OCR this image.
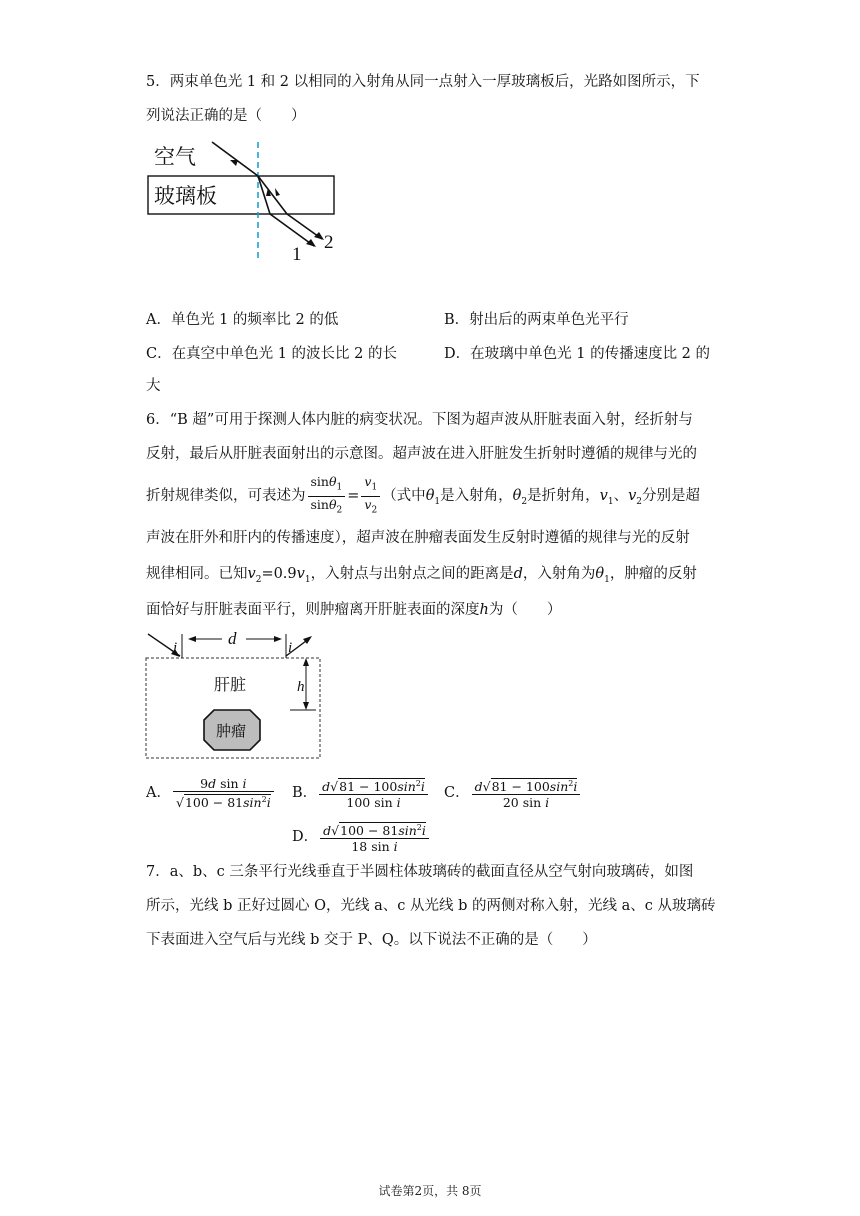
5．两束单色光 1 和 2 以相同的入射角从同一点射入一厚玻璃板后，光路如图所示，下
列说法正确的是（　　）
空气
玻璃板
1
2
A．单色光 1 的频率比 2 的低	B．射出后的两束单色光平行
C．在真空中单色光 1 的波长比 2 的长	D．在玻璃中单色光 1 的传播速度比 2 的
大
6．“B 超”可用于探测人体内脏的病变状况。下图为超声波从肝脏表面入射，经折射与
反射，最后从肝脏表面射出的示意图。超声波在进入肝脏发生折射时遵循的规律与光的
折射规律类似，可表述为 $\frac{\sin\theta_1}{\sin\theta_2} = \frac{v_1}{v_2}$ （式中$\theta_1$是入射角，$\theta_2$是折射角，$v_1$、$v_2$分别是超
声波在肝外和肝内的传播速度），超声波在肿瘤表面发生反射时遵循的规律与光的反射
规律相同。已知$v_2=0.9v_1$，入射点与出射点之间的距离是d，入射角为$\theta_1$，肿瘤的反射
面恰好与肝脏表面平行，则肿瘤离开肝脏表面的深度h为（　　）
i	i
d
h
肝脏
肿瘤
A． $\frac{\text{9d sin i}}{√100 - 81\sin^2i}$ B． $\frac{d√81 - 100\sin^2i}{\text{100 sin i}}$ C． $\frac{d√81 - 100\sin^2i}{\text{20 sin i}}$
D． $\frac{d√100 - 81\sin^2i}{\text{18 sin i}}$
7．a、b、c 三条平行光线垂直于半圆柱体玻璃砖的截面直径从空气射向玻璃砖，如图
所示，光线 b 正好过圆心 O，光线 a、c 从光线 b 的两侧对称入射，光线 a、c 从玻璃砖
下表面进入空气后与光线 b 交于 P、Q。以下说法不正确的是（　　）
试卷第2页，共 8页
